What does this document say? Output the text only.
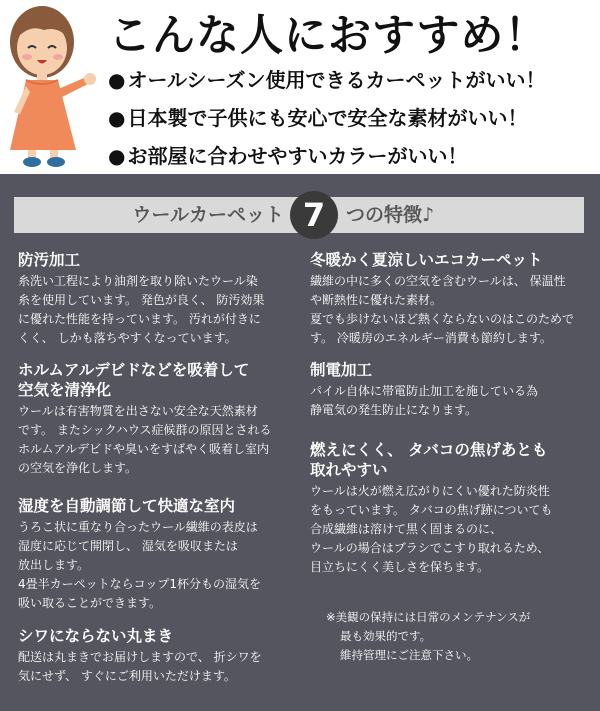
こんな人におすすめ！
● オールシーズン使用できるカーペットがいい！
● 日本製で子供にも安心で安全な素材がいい！
● お部屋に合わせやすいカラーがいい！
ウールカーペット 7	つの特徴♪
防汚加工

糸洗い工程により油剤を取り除いたウール染
糸を使用しています。 発色が良く、 防汚効果
に優れた性能を持っています。 汚れが付きに
くく、 しかも落ちやすくなっています。

ホルムアルデビドなどを吸着して
空気を清浄化

ウールは有害物質を出さない安全な天然素材
です。 またシックハウス症候群の原因とされる
ホルムアルデビドや臭いをすばやく吸着し室内
の空気を浄化します。

湿度を自動調節して快適な室内

うろこ状に重なり合ったウール繊維の表皮は
湿度に応じて開閉し、 湿気を吸収または
放出します。
4畳半カーペットならコップ1杯分もの湿気を
吸い取ることができます。

シワにならない丸まき

配送は丸まきでお届けしますので、 折シワを
気にせず、 すぐにご利用いただけます。

冬暖かく夏涼しいエコカーペット

繊維の中に多くの空気を含むウールは、 保温性
や断熱性に優れた素材。
夏でも歩けないほど熱くならないのはこのためで
す。 冷暖房のエネルギー消費も節約します。

制電加工

パイル自体に帯電防止加工を施している為
静電気の発生防止になります。

燃えにくく、 タバコの焦げあとも
取れやすい

ウールは火が燃え広がりにくい優れた防炎性
をもっています。 タバコの焦げ跡についても
合成繊維は溶けて黒く固まるのに、
ウールの場合はブラシでこすり取れるため、
目立ちにくく美しさを保ちます。

※美観の保持には日常のメンテナンスが

最も効果的です。
維持管理にご注意下さい。
